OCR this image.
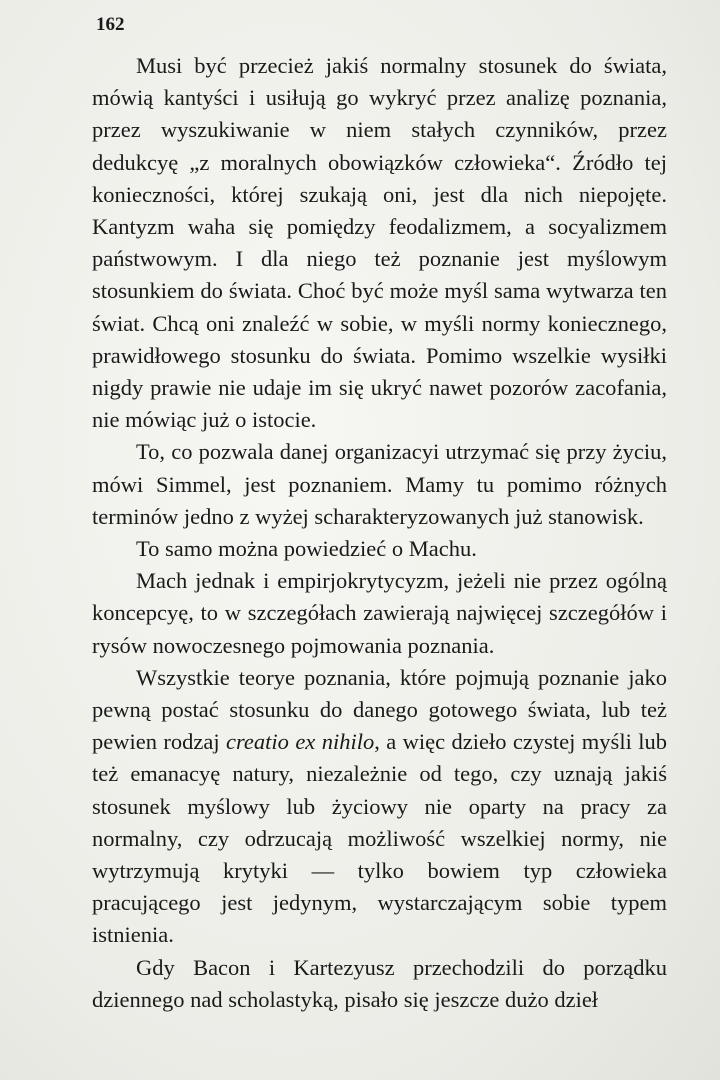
162

Musi być przecież jakiś normalny stosunek do świata, mówią kantyści i usiłują go wykryć przez analizę poznania, przez wyszukiwanie w niem stałych czynników, przez dedukcyę „z moralnych obowiązków człowieka“. Źródło tej konieczności, której szukają oni, jest dla nich niepojęte. Kantyzm waha się pomiędzy feodalizmem, a socyalizmem państwowym. I dla niego też poznanie jest myślowym stosunkiem do świata. Choć być może myśl sama wytwarza ten świat. Chcą oni znaleźć w sobie, w myśli normy koniecznego, prawidłowego stosunku do świata. Pomimo wszelkie wysiłki nigdy prawie nie udaje im się ukryć nawet pozorów zacofania, nie mówiąc już o istocie.

To, co pozwala danej organizacyi utrzymać się przy życiu, mówi Simmel, jest poznaniem. Mamy tu pomimo różnych terminów jedno z wyżej scharakteryzowanych już stanowisk.

To samo można powiedzieć o Machu.

Mach jednak i empirjokrytycyzm, jeżeli nie przez ogólną koncepcyę, to w szczegółach zawierają najwięcej szczegółów i rysów nowoczesnego pojmowania poznania.

Wszystkie teorye poznania, które pojmują poznanie jako pewną postać stosunku do danego gotowego świata, lub też pewien rodzaj creatio ex nihilo, a więc dzieło czystej myśli lub też emanacyę natury, niezależnie od tego, czy uznają jakiś stosunek myślowy lub życiowy nie oparty na pracy za normalny, czy odrzucają możliwość wszelkiej normy, nie wytrzymują krytyki — tylko bowiem typ człowieka pracującego jest jedynym, wystarczającym sobie typem istnienia.

Gdy Bacon i Kartezyusz przechodzili do porządku dziennego nad scholastyką, pisało się jeszcze dużo dzieł
